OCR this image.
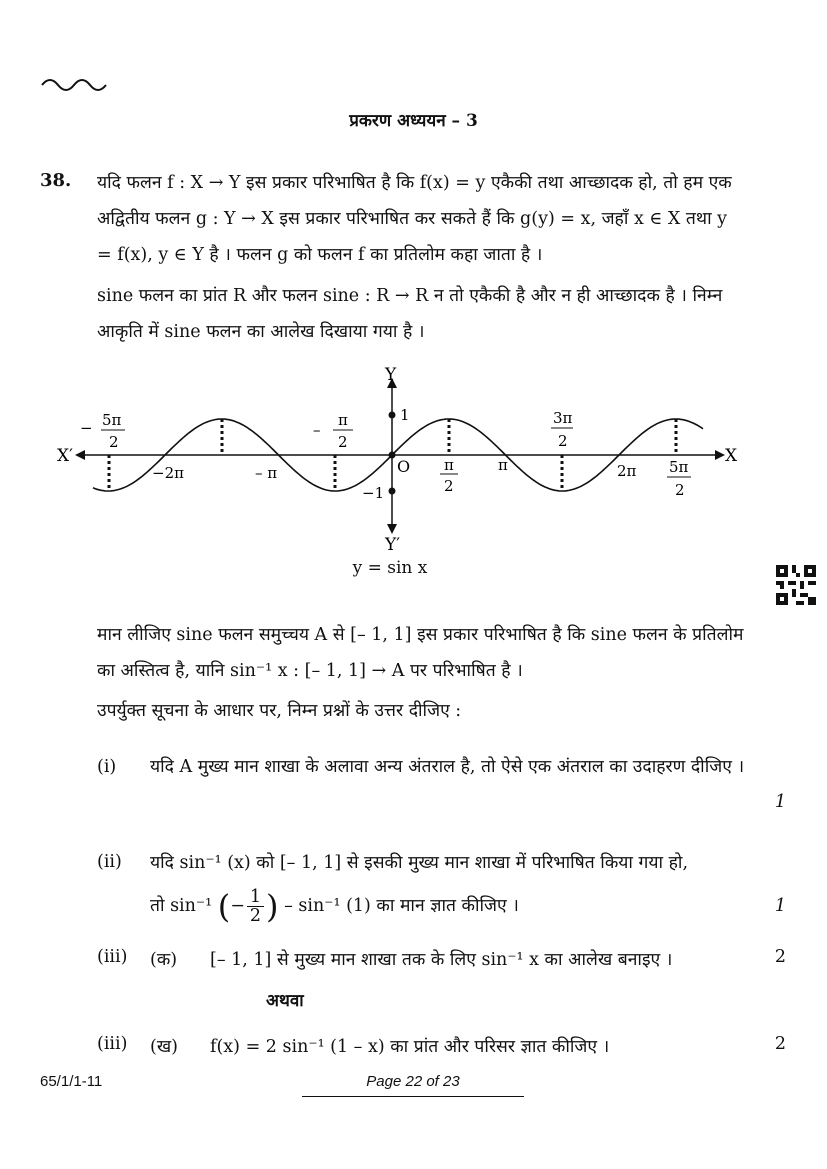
प्रकरण अध्ययन – 3
38. यदि फलन f : X → Y इस प्रकार परिभाषित है कि f(x) = y एकैकी तथा आच्छादक हो, तो हम एक अद्वितीय फलन g : Y → X इस प्रकार परिभाषित कर सकते हैं कि g(y) = x, जहाँ x ∈ X तथा y = f(x), y ∈ Y है । फलन g को फलन f का प्रतिलोम कहा जाता है ।
sine फलन का प्रांत R और फलन sine : R → R न तो एकैकी है और न ही आच्छादक है । निम्न आकृति में sine फलन का आलेख दिखाया गया है ।
Y
Y′
X
X′
O
1
−1
− 5π
2
−2π	– π
–
π
2
π
2
π
3π
2
2π 5π
2
y = sin x
मान लीजिए sine फलन समुच्चय A से [– 1, 1] इस प्रकार परिभाषित है कि sine फलन के प्रतिलोम का अस्तित्व है, यानि sin⁻¹ x : [– 1, 1] → A पर परिभाषित है ।
उपर्युक्त सूचना के आधार पर, निम्न प्रश्नों के उत्तर दीजिए :
(i) यदि A मुख्य मान शाखा के अलावा अन्य अंतराल है, तो ऐसे एक अंतराल का उदाहरण दीजिए ।
1
(ii) यदि sin⁻¹ (x) को [– 1, 1] से इसकी मुख्य मान शाखा में परिभाषित किया गया हो,
तो sin⁻¹ (− $\frac{1}{2}$ ) – sin⁻¹ (1) का मान ज्ञात कीजिए ।	1
(iii) (क) [– 1, 1] से मुख्य मान शाखा तक के लिए sin⁻¹ x का आलेख बनाइए ।	2
अथवा
(iii) (ख) f(x) = 2 sin⁻¹ (1 – x) का प्रांत और परिसर ज्ञात कीजिए ।	2
65/1/1-11	Page 22 of 23
